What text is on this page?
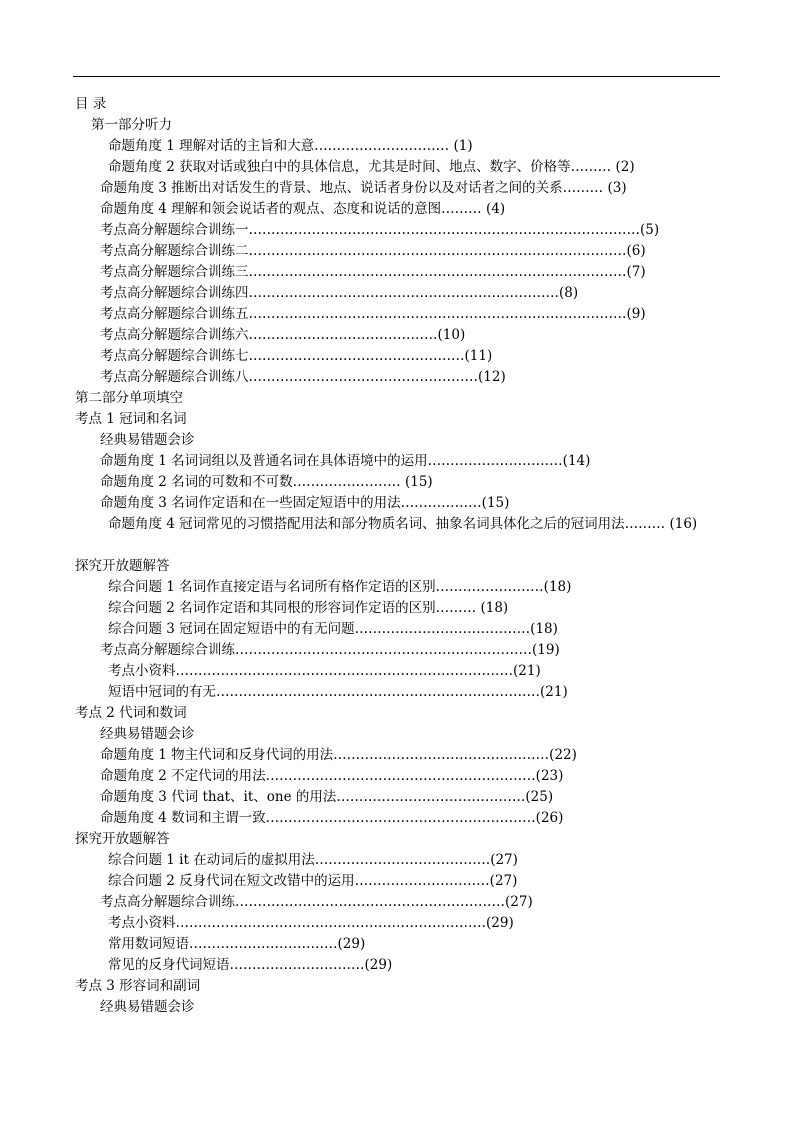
目 录
第一部分听力
命题角度 1 理解对话的主旨和大意………………………… (1)
命题角度 2 获取对话或独白中的具体信息，尤其是时间、地点、数字、价格等……… (2)
命题角度 3 推断出对话发生的背景、地点、说话者身份以及对话者之间的关系……… (3)
命题角度 4 理解和领会说话者的观点、态度和说话的意图……… (4)
考点高分解题综合训练一……………………………………………………………………………(5)
考点高分解题综合训练二…………………………………………………………………………(6)
考点高分解题综合训练三…………………………………………………………………………(7)
考点高分解题综合训练四……………………………………………………………(8)
考点高分解题综合训练五…………………………………………………………………………(9)
考点高分解题综合训练六……………………………………(10)
考点高分解题综合训练七…………………………………………(11)
考点高分解题综合训练八……………………………………………(12)
第二部分单项填空
考点 1 冠词和名词
经典易错题会诊
命题角度 1 名词词组以及普通名词在具体语境中的运用…………………………(14)
命题角度 2 名词的可数和不可数…………………… (15)
命题角度 3 名词作定语和在一些固定短语中的用法………………(15)
命题角度 4 冠词常见的习惯搭配用法和部分物质名词、抽象名词具体化之后的冠词用法……… (16)
探究开放题解答
综合问题 1 名词作直接定语与名词所有格作定语的区别……………………(18)
综合问题 2 名词作定语和其同根的形容词作定语的区别……… (18)
综合问题 3 冠词在固定短语中的有无问题…………………………………(18)
考点高分解题综合训练…………………………………………………………(19)
考点小资料…………………………………………………………………(21)
短语中冠词的有无………………………………………………………………(21)
考点 2 代词和数词
经典易错题会诊
命题角度 1 物主代词和反身代词的用法…………………………………………(22)
命题角度 2 不定代词的用法……………………………………………………(23)
命题角度 3 代词 that、it、one 的用法……………………………………(25)
命题角度 4 数词和主谓一致……………………………………………………(26)
探究开放题解答
综合问题 1 it 在动词后的虚拟用法…………………………………(27)
综合问题 2 反身代词在短文改错中的运用…………………………(27)
考点高分解题综合训练……………………………………………………(27)
考点小资料……………………………………………………………(29)
常用数词短语……………………………(29)
常见的反身代词短语…………………………(29)
考点 3 形容词和副词
经典易错题会诊
